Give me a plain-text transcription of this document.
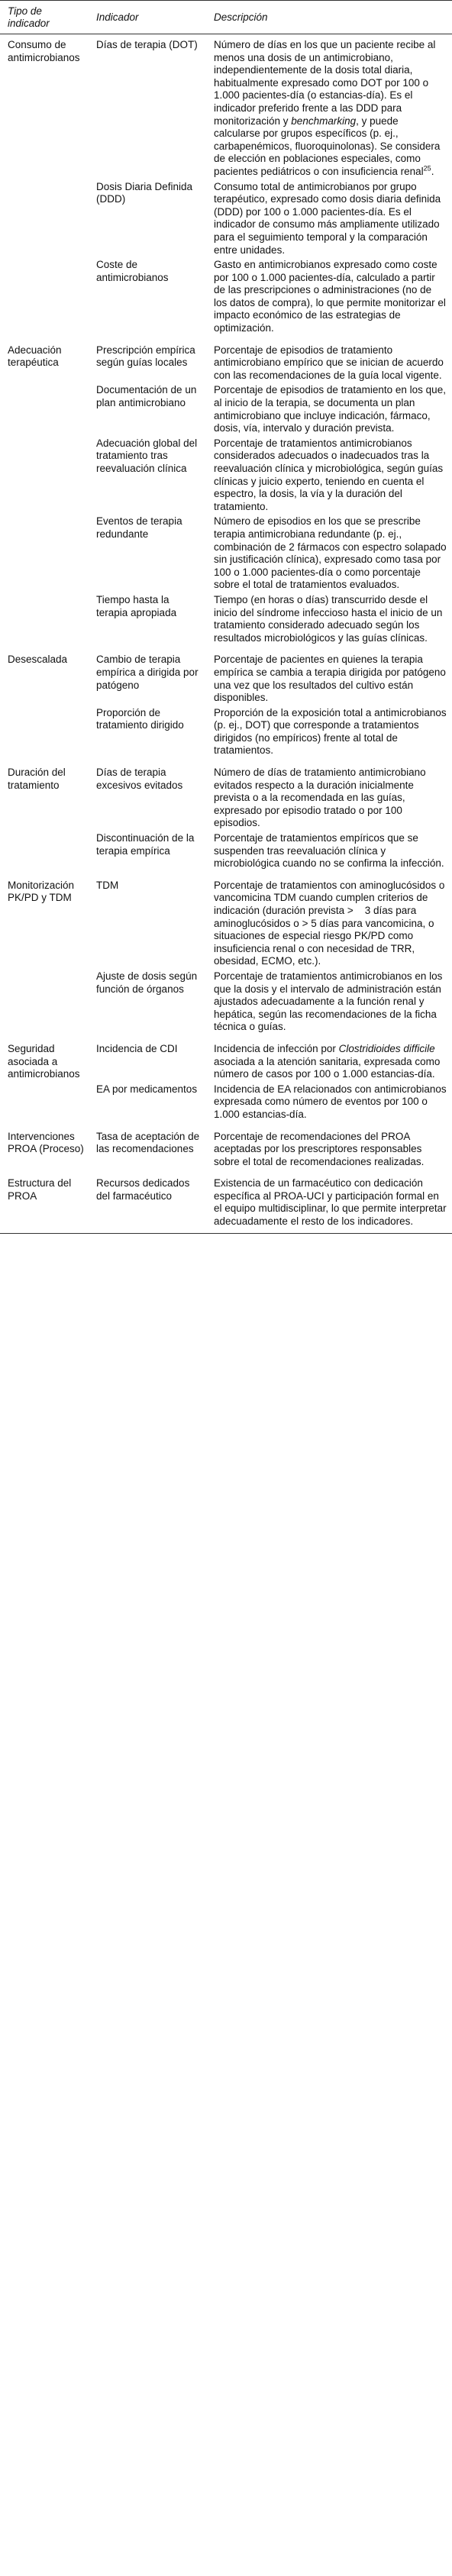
Tipo de indicador	Indicador	Descripción
Consumo de antimicrobianos	Días de terapia (DOT)	Número de días en los que un paciente recibe al menos una dosis de un antimicrobiano, independientemente de la dosis total diaria, habitualmente expresado como DOT por 100 o 1.000 pacientes-día (o estancias-día). Es el indicador preferido frente a las DDD para monitorización y benchmarking, y puede calcularse por grupos específicos (p. ej., carbapenémicos, fluoroquinolonas). Se considera de elección en poblaciones especiales, como pacientes pediátricos o con insuficiencia renal$^{25}$.
	Dosis Diaria Definida (DDD)	Consumo total de antimicrobianos por grupo terapéutico, expresado como dosis diaria definida (DDD) por 100 o 1.000 pacientes-día. Es el indicador de consumo más ampliamente utilizado para el seguimiento temporal y la comparación entre unidades.
	Coste de antimicrobianos	Gasto en antimicrobianos expresado como coste por 100 o 1.000 pacientes-día, calculado a partir de las prescripciones o administraciones (no de los datos de compra), lo que permite monitorizar el impacto económico de las estrategias de optimización.
Adecuación terapéutica	Prescripción empírica según guías locales	Porcentaje de episodios de tratamiento antimicrobiano empírico que se inician de acuerdo con las recomendaciones de la guía local vigente.
	Documentación de un plan antimicrobiano	Porcentaje de episodios de tratamiento en los que, al inicio de la terapia, se documenta un plan antimicrobiano que incluye indicación, fármaco, dosis, vía, intervalo y duración prevista.
	Adecuación global del tratamiento tras reevaluación clínica	Porcentaje de tratamientos antimicrobianos considerados adecuados o inadecuados tras la reevaluación clínica y microbiológica, según guías clínicas y juicio experto, teniendo en cuenta el espectro, la dosis, la vía y la duración del tratamiento.
	Eventos de terapia redundante	Número de episodios en los que se prescribe terapia antimicrobiana redundante (p. ej., combinación de 2 fármacos con espectro solapado sin justificación clínica), expresado como tasa por 100 o 1.000 pacientes-día o como porcentaje sobre el total de tratamientos evaluados.
	Tiempo hasta la terapia apropiada	Tiempo (en horas o días) transcurrido desde el inicio del síndrome infeccioso hasta el inicio de un tratamiento considerado adecuado según los resultados microbiológicos y las guías clínicas.
Desescalada	Cambio de terapia empírica a dirigida por patógeno	Porcentaje de pacientes en quienes la terapia empírica se cambia a terapia dirigida por patógeno una vez que los resultados del cultivo están disponibles.
	Proporción de tratamiento dirigido	Proporción de la exposición total a antimicrobianos (p. ej., DOT) que corresponde a tratamientos dirigidos (no empíricos) frente al total de tratamientos.
Duración del tratamiento	Días de terapia excesivos evitados	Número de días de tratamiento antimicrobiano evitados respecto a la duración inicialmente prevista o a la recomendada en las guías, expresado por episodio tratado o por 100 episodios.
	Discontinuación de la terapia empírica	Porcentaje de tratamientos empíricos que se suspenden tras reevaluación clínica y microbiológica cuando no se confirma la infección.
Monitorización PK/PD y TDM	TDM	Porcentaje de tratamientos con aminoglucósidos o vancomicina TDM cuando cumplen criterios de indicación (duración prevista >    3 días para aminoglucósidos o > 5 días para vancomicina, o situaciones de especial riesgo PK/PD como insuficiencia renal o con necesidad de TRR, obesidad, ECMO, etc.).
	Ajuste de dosis según función de órganos	Porcentaje de tratamientos antimicrobianos en los que la dosis y el intervalo de administración están ajustados adecuadamente a la función renal y hepática, según las recomendaciones de la ficha técnica o guías.
Seguridad asociada a antimicrobianos	Incidencia de CDI	Incidencia de infección por Clostridioides difficile asociada a la atención sanitaria, expresada como número de casos por 100 o 1.000 estancias-día.
	EA por medicamentos	Incidencia de EA relacionados con antimicrobianos expresada como número de eventos por 100 o 1.000 estancias-día.
Intervenciones PROA (Proceso)	Tasa de aceptación de las recomendaciones	Porcentaje de recomendaciones del PROA aceptadas por los prescriptores responsables sobre el total de recomendaciones realizadas.
Estructura del PROA	Recursos dedicados del farmacéutico	Existencia de un farmacéutico con dedicación específica al PROA-UCI y participación formal en el equipo multidisciplinar, lo que permite interpretar adecuadamente el resto de los indicadores.
